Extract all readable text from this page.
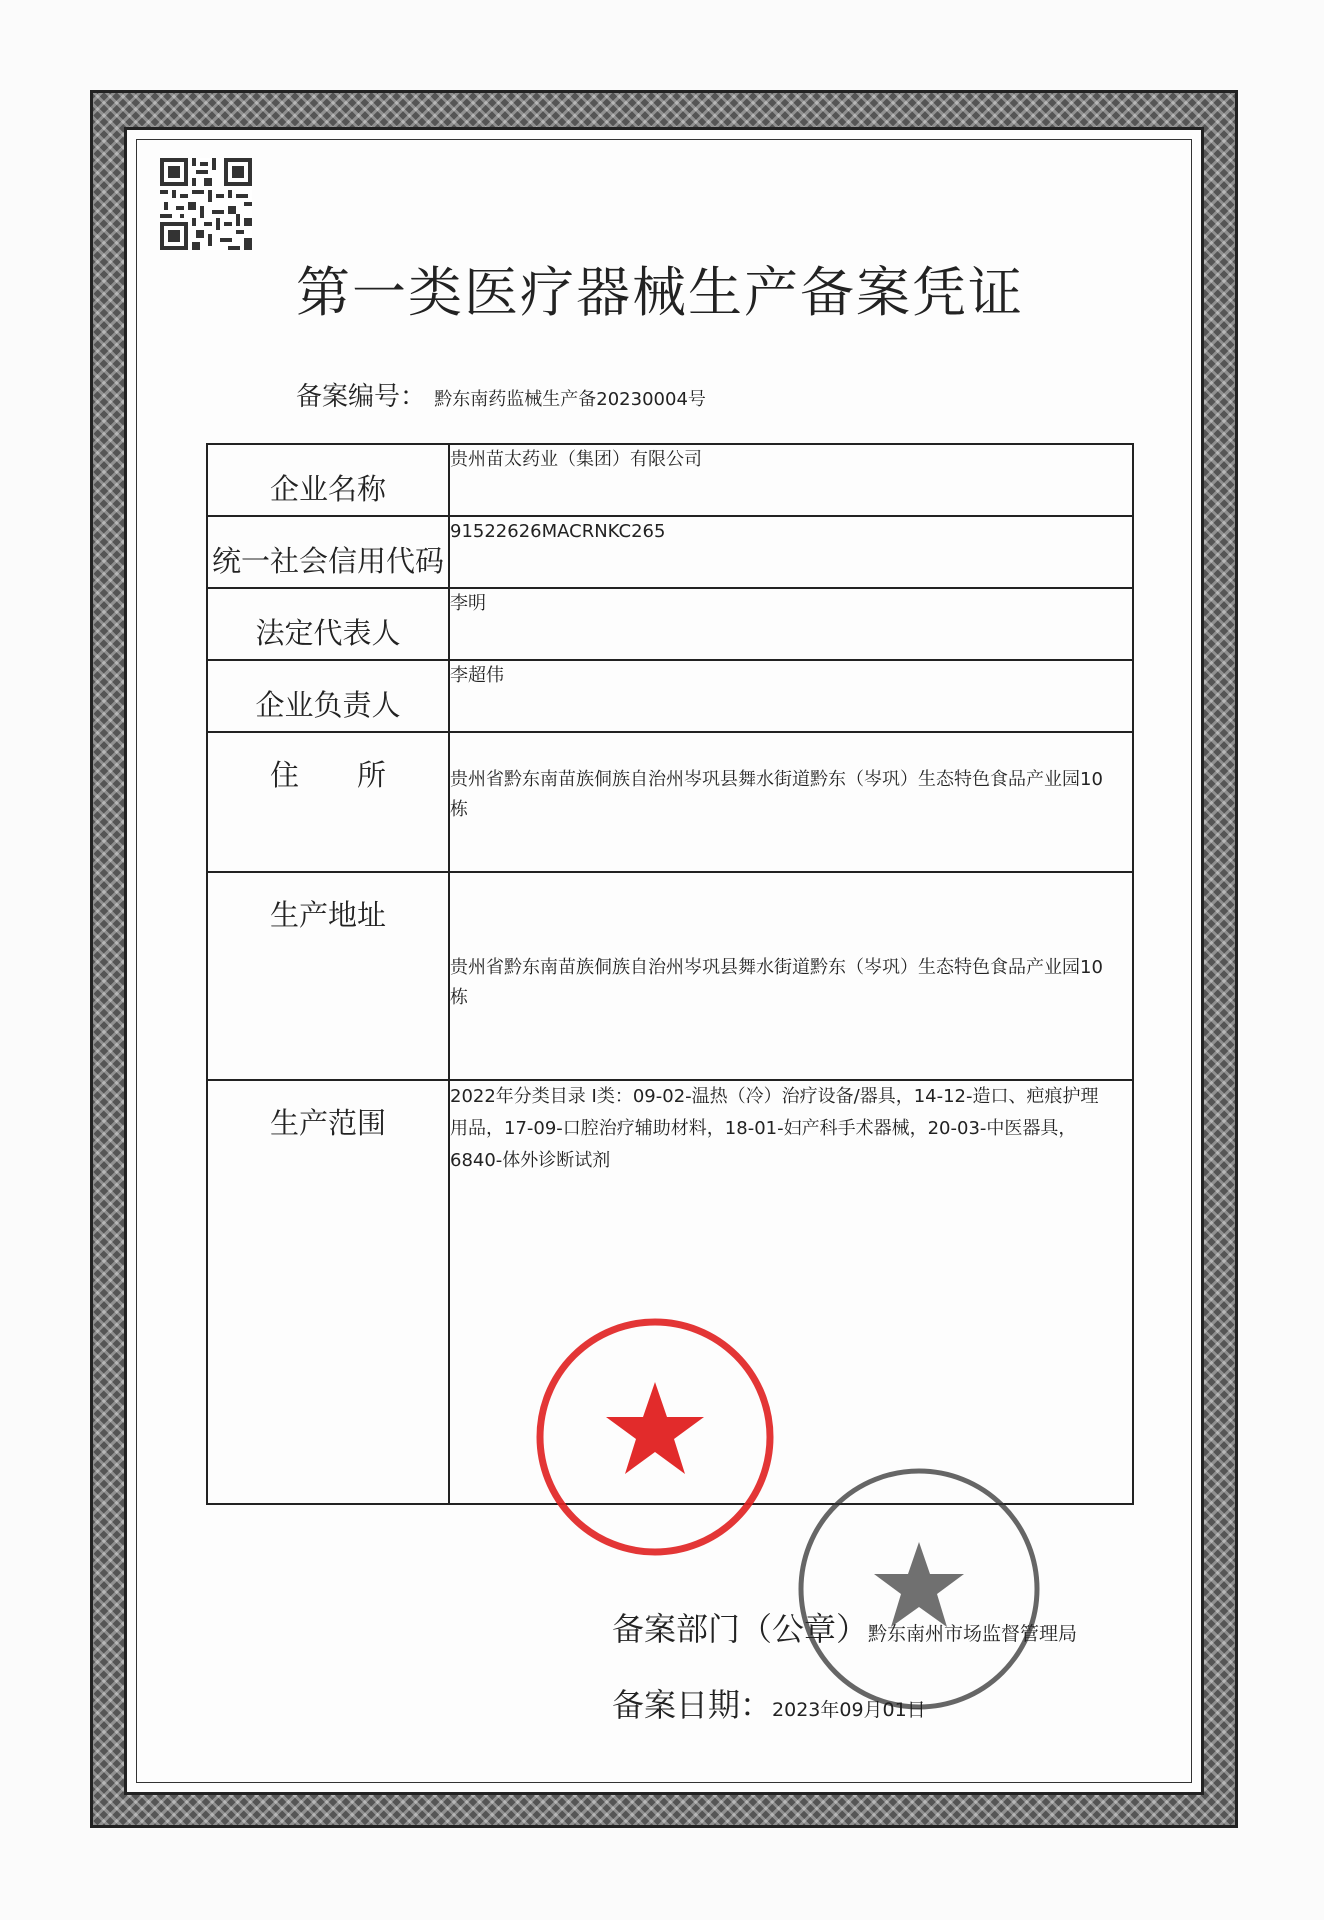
第一类医疗器械生产备案凭证
备案编号： 黔东南药监械生产备20230004号
企业名称	贵州苗太药业（集团）有限公司
统一社会信用代码	91522626MACRNKC265
法定代表人	李明
企业负责人	李超伟
住　　所	贵州省黔东南苗族侗族自治州岑巩县舞水街道黔东（岑巩）生态特色食品产业园10栋
生产地址	贵州省黔东南苗族侗族自治州岑巩县舞水街道黔东（岑巩）生态特色食品产业园10栋
生产范围	2022年分类目录 I类：09-02-温热（冷）治疗设备/器具，14-12-造口、疤痕护理用品，17-09-口腔治疗辅助材料，18-01-妇产科手术器械，20-03-中医器具，6840-体外诊断试剂
备案部门（公章）黔东南州市场监督管理局
备案日期：2023年09月01日
